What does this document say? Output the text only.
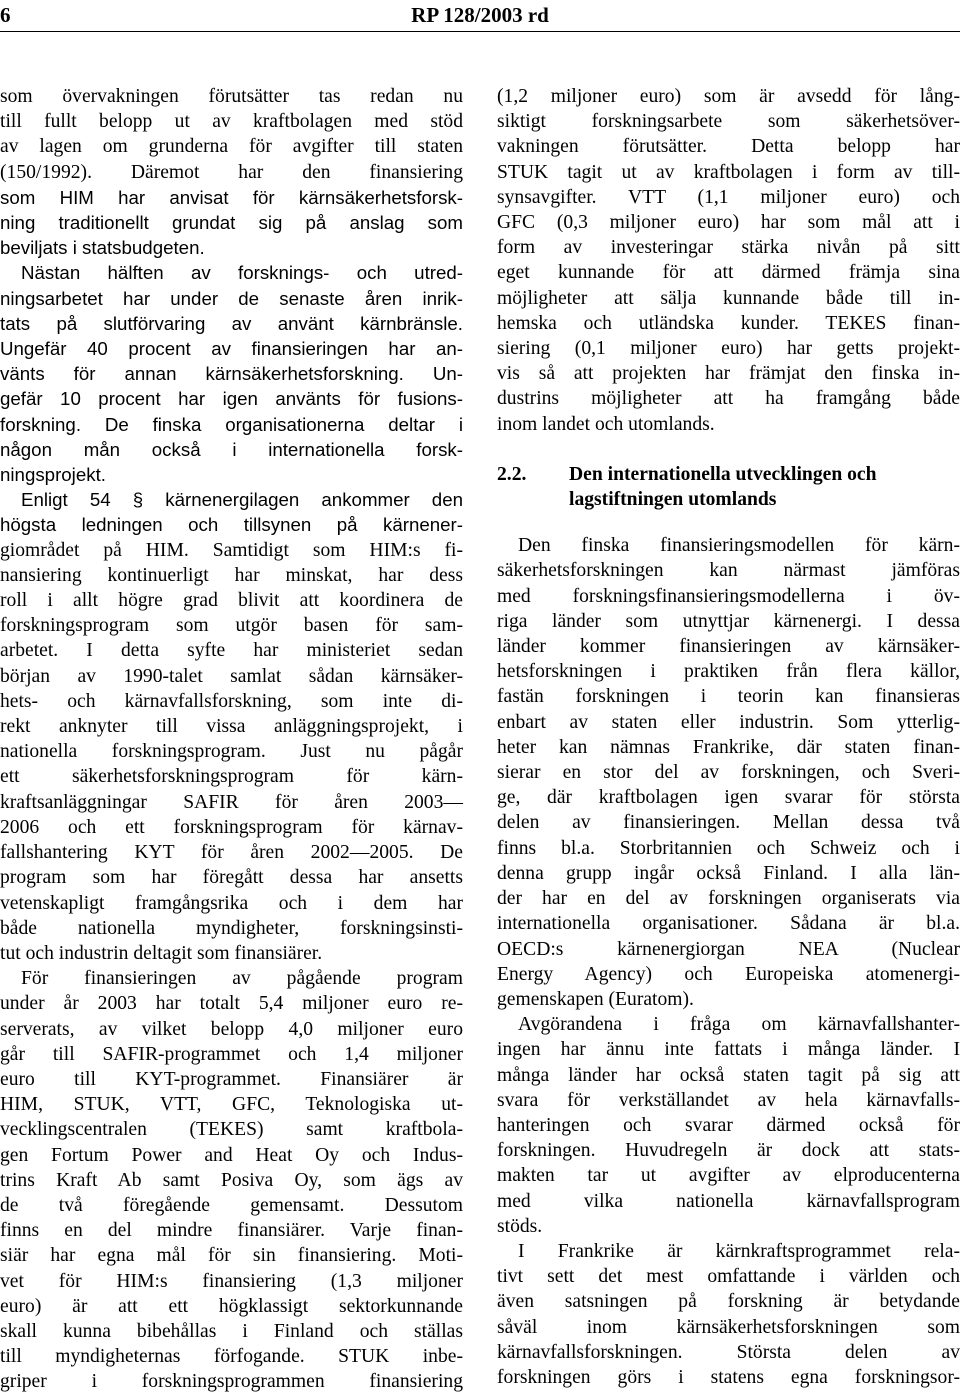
6	RP 128/2003 rd

som övervakningen förutsätter tas redan nu

till fullt belopp ut av kraftbolagen med stöd

av lagen om grunderna för avgifter till staten

(150/1992). Däremot har den finansiering

som HIM har anvisat för kärnsäkerhetsforsk-

ning traditionellt grundat sig på anslag som

beviljats i statsbudgeten.

Nästan hälften av forsknings- och utred-

ningsarbetet har under de senaste åren inrik-

tats på slutförvaring av använt kärnbränsle.

Ungefär 40 procent av finansieringen har an-

vänts för annan kärnsäkerhetsforskning. Un-

gefär 10 procent har igen använts för fusions-

forskning. De finska organisationerna deltar i

någon mån också i internationella forsk-

ningsprojekt.

Enligt 54 § kärnenergilagen ankommer den

högsta ledningen och tillsynen på kärnener-

giområdet på HIM. Samtidigt som HIM:s fi-

nansiering kontinuerligt har minskat, har dess

roll i allt högre grad blivit att koordinera de

forskningsprogram som utgör basen för sam-

arbetet. I detta syfte har ministeriet sedan

början av 1990-talet samlat sådan kärnsäker-

hets- och kärnavfallsforskning, som inte di-

rekt anknyter till vissa anläggningsprojekt, i

nationella forskningsprogram. Just nu pågår

ett säkerhetsforskningsprogram för kärn-

kraftsanläggningar SAFIR för åren 2003—

2006 och ett forskningsprogram för kärnav-

fallshantering KYT för åren 2002—2005. De

program som har föregått dessa har ansetts

vetenskapligt framgångsrika och i dem har

både nationella myndigheter, forskningsinsti-

tut och industrin deltagit som finansiärer.

För finansieringen av pågående program

under år 2003 har totalt 5,4 miljoner euro re-

serverats, av vilket belopp 4,0 miljoner euro

går till SAFIR-programmet och 1,4 miljoner

euro till KYT-programmet. Finansiärer är

HIM, STUK, VTT, GFC, Teknologiska ut-

vecklingscentralen (TEKES) samt kraftbola-

gen Fortum Power and Heat Oy och Indus-

trins Kraft Ab samt Posiva Oy, som ägs av

de två föregående gemensamt. Dessutom

finns en del mindre finansiärer. Varje finan-

siär har egna mål för sin finansiering. Moti-

vet för HIM:s finansiering (1,3 miljoner

euro) är att ett högklassigt sektorkunnande

skall kunna bibehållas i Finland och ställas

till myndigheternas förfogande. STUK inbe-

griper i forskningsprogrammen finansiering

(1,2 miljoner euro) som är avsedd för lång-

siktigt forskningsarbete som säkerhetsöver-

vakningen förutsätter. Detta belopp har

STUK tagit ut av kraftbolagen i form av till-

synsavgifter. VTT (1,1 miljoner euro) och

GFC (0,3 miljoner euro) har som mål att i

form av investeringar stärka nivån på sitt

eget kunnande för att därmed främja sina

möjligheter att sälja kunnande både till in-

hemska och utländska kunder. TEKES finan-

siering (0,1 miljoner euro) har getts projekt-

vis så att projekten har främjat den finska in-

dustrins möjligheter att ha framgång både

inom landet och utomlands.

2.2.	Den internationella utvecklingen och
lagstiftningen utomlands

Den finska finansieringsmodellen för kärn-

säkerhetsforskningen kan närmast jämföras

med forskningsfinansieringsmodellerna i öv-

riga länder som utnyttjar kärnenergi. I dessa

länder kommer finansieringen av kärnsäker-

hetsforskningen i praktiken från flera källor,

fastän forskningen i teorin kan finansieras

enbart av staten eller industrin. Som ytterlig-

heter kan nämnas Frankrike, där staten finan-

sierar en stor del av forskningen, och Sveri-

ge, där kraftbolagen igen svarar för största

delen av finansieringen. Mellan dessa två

finns bl.a. Storbritannien och Schweiz och i

denna grupp ingår också Finland. I alla län-

der har en del av forskningen organiserats via

internationella organisationer. Sådana är bl.a.

OECD:s kärnenergiorgan NEA (Nuclear

Energy Agency) och Europeiska atomenergi-

gemenskapen (Euratom).

Avgörandena i fråga om kärnavfallshanter-

ingen har ännu inte fattats i många länder. I

många länder har också staten tagit på sig att

svara för verkställandet av hela kärnavfalls-

hanteringen och svarar därmed också för

forskningen. Huvudregeln är dock att stats-

makten tar ut avgifter av elproducenterna

med vilka nationella kärnavfallsprogram

stöds.

I Frankrike är kärnkraftsprogrammet rela-

tivt sett det mest omfattande i världen och

även satsningen på forskning är betydande

såväl inom kärnsäkerhetsforskningen som

kärnavfallsforskningen. Största delen av

forskningen görs i statens egna forskningsor-
